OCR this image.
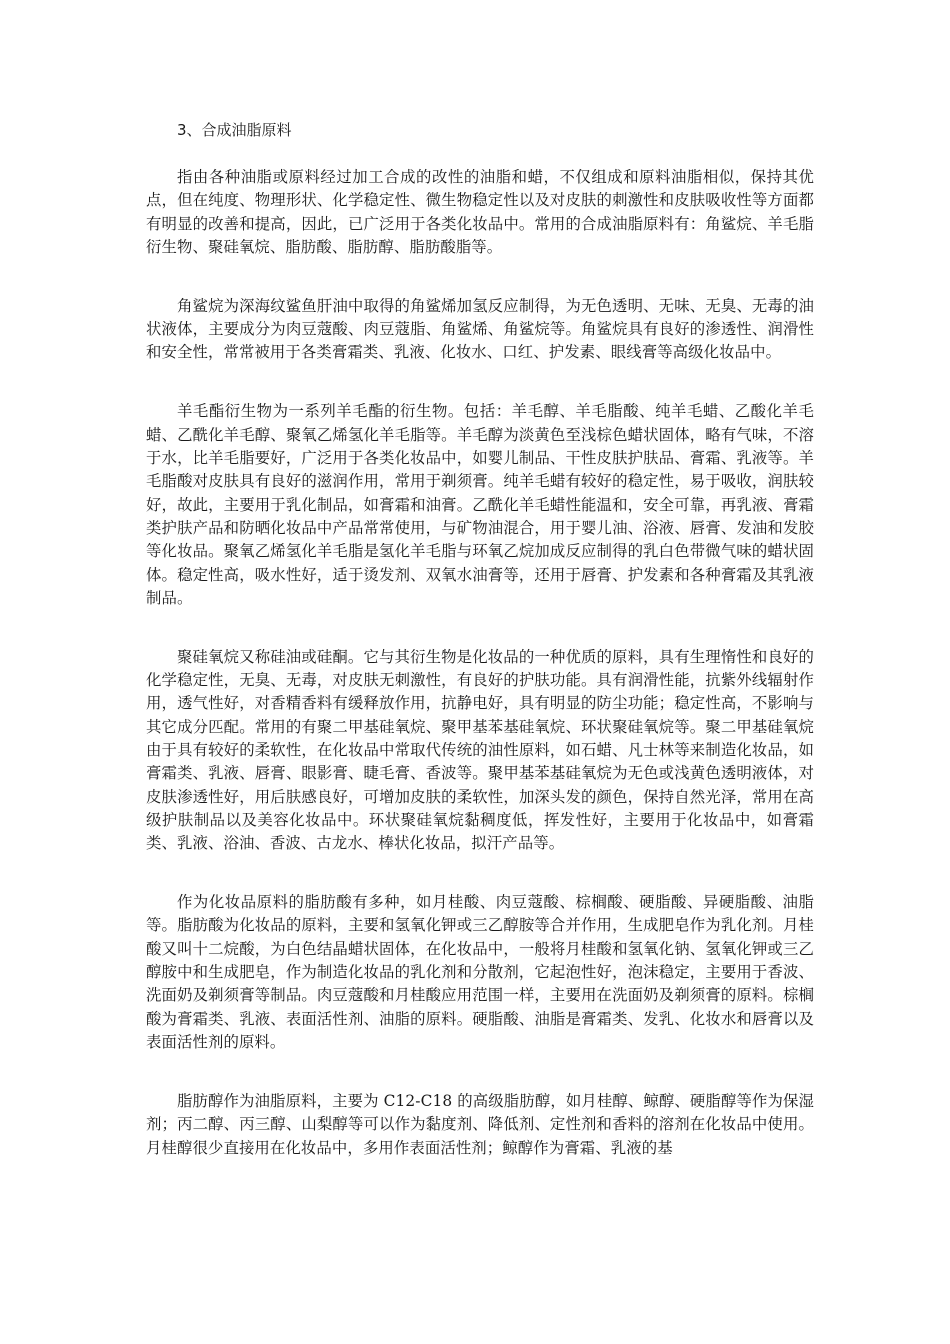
3、合成油脂原料

指由各种油脂或原料经过加工合成的改性的油脂和蜡，不仅组成和原料油脂相似，保持其优点，但在纯度、物理形状、化学稳定性、微生物稳定性以及对皮肤的刺激性和皮肤吸收性等方面都有明显的改善和提高，因此，已广泛用于各类化妆品中。常用的合成油脂原料有：角鲨烷、羊毛脂衍生物、聚硅氧烷、脂肪酸、脂肪醇、脂肪酸脂等。

角鲨烷为深海纹鲨鱼肝油中取得的角鲨烯加氢反应制得，为无色透明、无味、无臭、无毒的油状液体，主要成分为肉豆蔻酸、肉豆蔻脂、角鲨烯、角鲨烷等。角鲨烷具有良好的渗透性、润滑性和安全性，常常被用于各类膏霜类、乳液、化妆水、口红、护发素、眼线膏等高级化妆品中。

羊毛酯衍生物为一系列羊毛酯的衍生物。包括：羊毛醇、羊毛脂酸、纯羊毛蜡、乙酸化羊毛蜡、乙酰化羊毛醇、聚氧乙烯氢化羊毛脂等。羊毛醇为淡黄色至浅棕色蜡状固体，略有气味，不溶于水，比羊毛脂要好，广泛用于各类化妆品中，如婴儿制品、干性皮肤护肤品、膏霜、乳液等。羊毛脂酸对皮肤具有良好的滋润作用，常用于剃须膏。纯羊毛蜡有较好的稳定性，易于吸收，润肤较好，故此，主要用于乳化制品，如膏霜和油膏。乙酰化羊毛蜡性能温和，安全可靠，再乳液、膏霜类护肤产品和防晒化妆品中产品常常使用，与矿物油混合，用于婴儿油、浴液、唇膏、发油和发胶等化妆品。聚氧乙烯氢化羊毛脂是氢化羊毛脂与环氧乙烷加成反应制得的乳白色带微气味的蜡状固体。稳定性高，吸水性好，适于烫发剂、双氧水油膏等，还用于唇膏、护发素和各种膏霜及其乳液制品。

聚硅氧烷又称硅油或硅酮。它与其衍生物是化妆品的一种优质的原料，具有生理惰性和良好的化学稳定性，无臭、无毒，对皮肤无刺激性，有良好的护肤功能。具有润滑性能，抗紫外线辐射作用，透气性好，对香精香料有缓释放作用，抗静电好，具有明显的防尘功能；稳定性高，不影响与其它成分匹配。常用的有聚二甲基硅氧烷、聚甲基苯基硅氧烷、环状聚硅氧烷等。聚二甲基硅氧烷由于具有较好的柔软性，在化妆品中常取代传统的油性原料，如石蜡、凡士林等来制造化妆品，如膏霜类、乳液、唇膏、眼影膏、睫毛膏、香波等。聚甲基苯基硅氧烷为无色或浅黄色透明液体，对皮肤渗透性好，用后肤感良好，可增加皮肤的柔软性，加深头发的颜色，保持自然光泽，常用在高级护肤制品以及美容化妆品中。环状聚硅氧烷黏稠度低，挥发性好，主要用于化妆品中，如膏霜类、乳液、浴油、香波、古龙水、棒状化妆品，拟汗产品等。

作为化妆品原料的脂肪酸有多种，如月桂酸、肉豆蔻酸、棕榈酸、硬脂酸、异硬脂酸、油脂等。脂肪酸为化妆品的原料，主要和氢氧化钾或三乙醇胺等合并作用，生成肥皂作为乳化剂。月桂酸又叫十二烷酸，为白色结晶蜡状固体，在化妆品中，一般将月桂酸和氢氧化钠、氢氧化钾或三乙醇胺中和生成肥皂，作为制造化妆品的乳化剂和分散剂，它起泡性好，泡沫稳定，主要用于香波、洗面奶及剃须膏等制品。肉豆蔻酸和月桂酸应用范围一样，主要用在洗面奶及剃须膏的原料。棕榈酸为膏霜类、乳液、表面活性剂、油脂的原料。硬脂酸、油脂是膏霜类、发乳、化妆水和唇膏以及表面活性剂的原料。

脂肪醇作为油脂原料，主要为 C12-C18 的高级脂肪醇，如月桂醇、鲸醇、硬脂醇等作为保湿剂；丙二醇、丙三醇、山梨醇等可以作为黏度剂、降低剂、定性剂和香料的溶剂在化妆品中使用。月桂醇很少直接用在化妆品中，多用作表面活性剂；鲸醇作为膏霜、乳液的基
